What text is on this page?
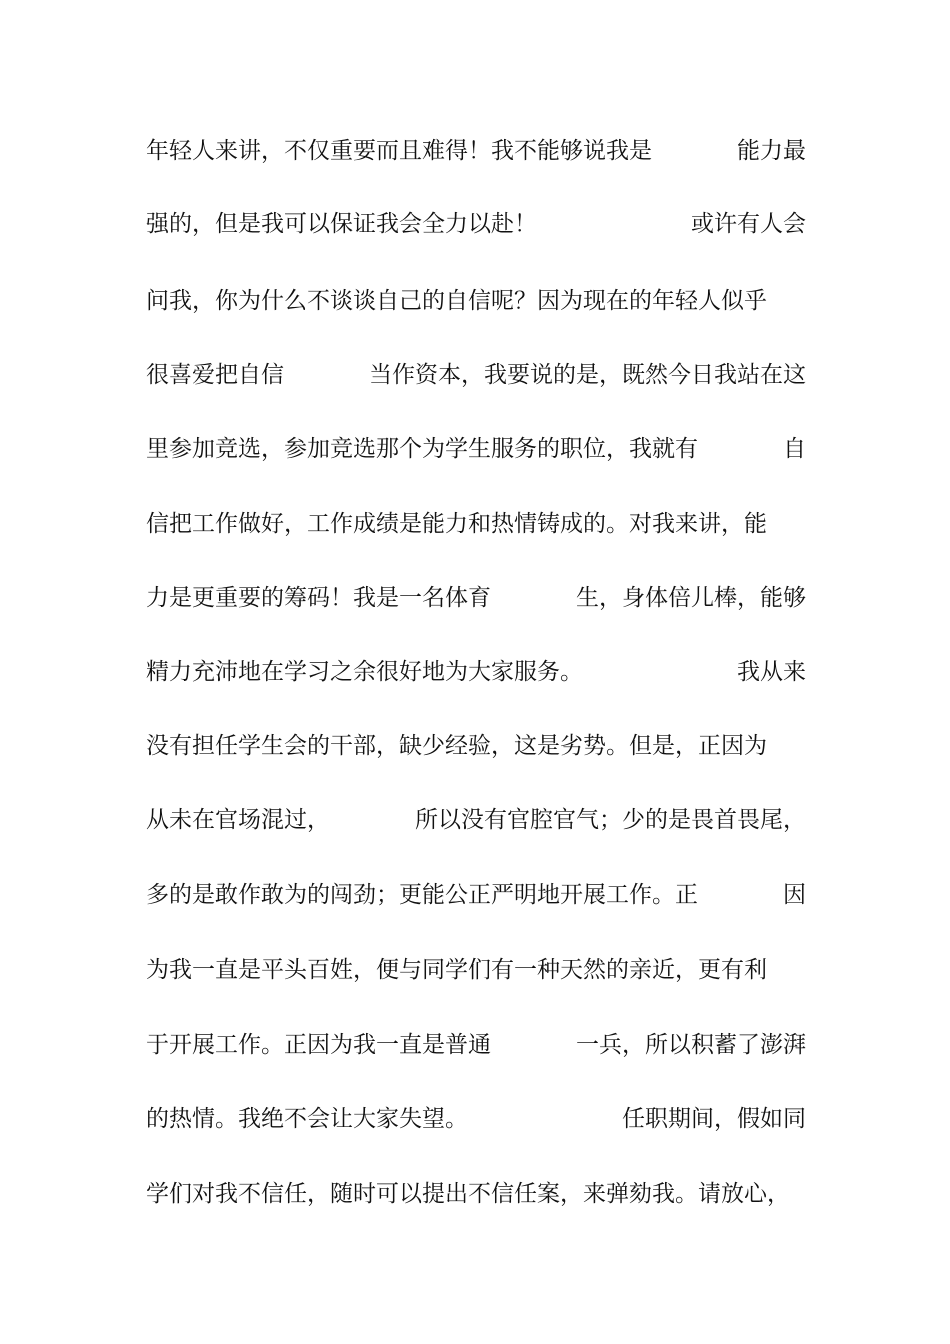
年轻人来讲，不仅重要而且难得！我不能够说我是	能力最
强的，但是我可以保证我会全力以赴！	或许有人会
问我，你为什么不谈谈自己的自信呢？因为现在的年轻人似乎
很喜爱把自信	当作资本，我要说的是，既然今日我站在这
里参加竞选，参加竞选那个为学生服务的职位，我就有	自
信把工作做好，工作成绩是能力和热情铸成的。对我来讲，能
力是更重要的筹码！我是一名体育	生，身体倍儿棒，能够
精力充沛地在学习之余很好地为大家服务。	我从来
没有担任学生会的干部，缺少经验，这是劣势。但是，正因为
从未在官场混过，	所以没有官腔官气；少的是畏首畏尾，
多的是敢作敢为的闯劲；更能公正严明地开展工作。正	因
为我一直是平头百姓，便与同学们有一种天然的亲近，更有利
于开展工作。正因为我一直是普通	一兵，所以积蓄了澎湃
的热情。我绝不会让大家失望。	任职期间，假如同
学们对我不信任，随时可以提出不信任案，来弹劾我。请放心，
